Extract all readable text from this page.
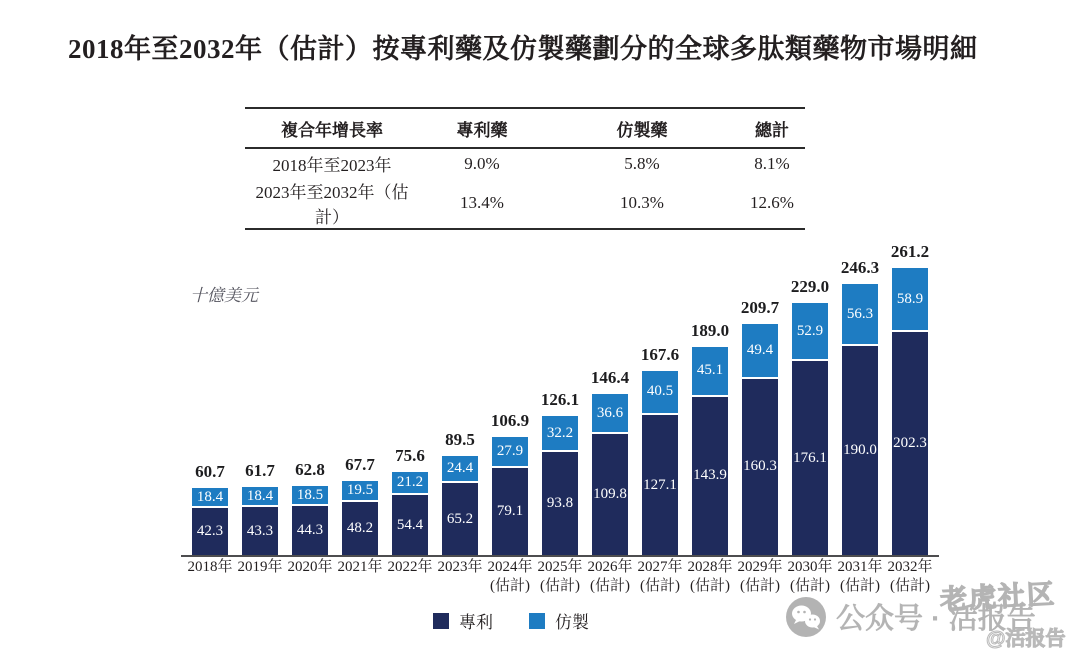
2018年至2032年（估計）按專利藥及仿製藥劃分的全球多肽類藥物市場明細
複合年增長率	專利藥	仿製藥	總計
2018年至2023年	9.0%	5.8%	8.1%
2023年至2032年（估計）	13.4%	10.3%	12.6%
十億美元
60.7
42.3
18.4
2018年
61.7
43.3
18.4
2019年
62.8
44.3
18.5
2020年
67.7
48.2
19.5
2021年
75.6
54.4
21.2
2022年
89.5
65.2
24.4
2023年
106.9
79.1
27.9
2024年
(估計)
126.1
93.8
32.2
2025年
(估計)
146.4
109.8
36.6
2026年
(估計)
167.6
127.1
40.5
2027年
(估計)
189.0
143.9
45.1
2028年
(估計)
209.7
160.3
49.4
2029年
(估計)
229.0
176.1
52.9
2030年
(估計)
246.3
190.0
56.3
2031年
(估計)
261.2
202.3
58.9
2032年
(估計)
專利	仿製	公众号 · 活报告
老虎社区
@活报告
